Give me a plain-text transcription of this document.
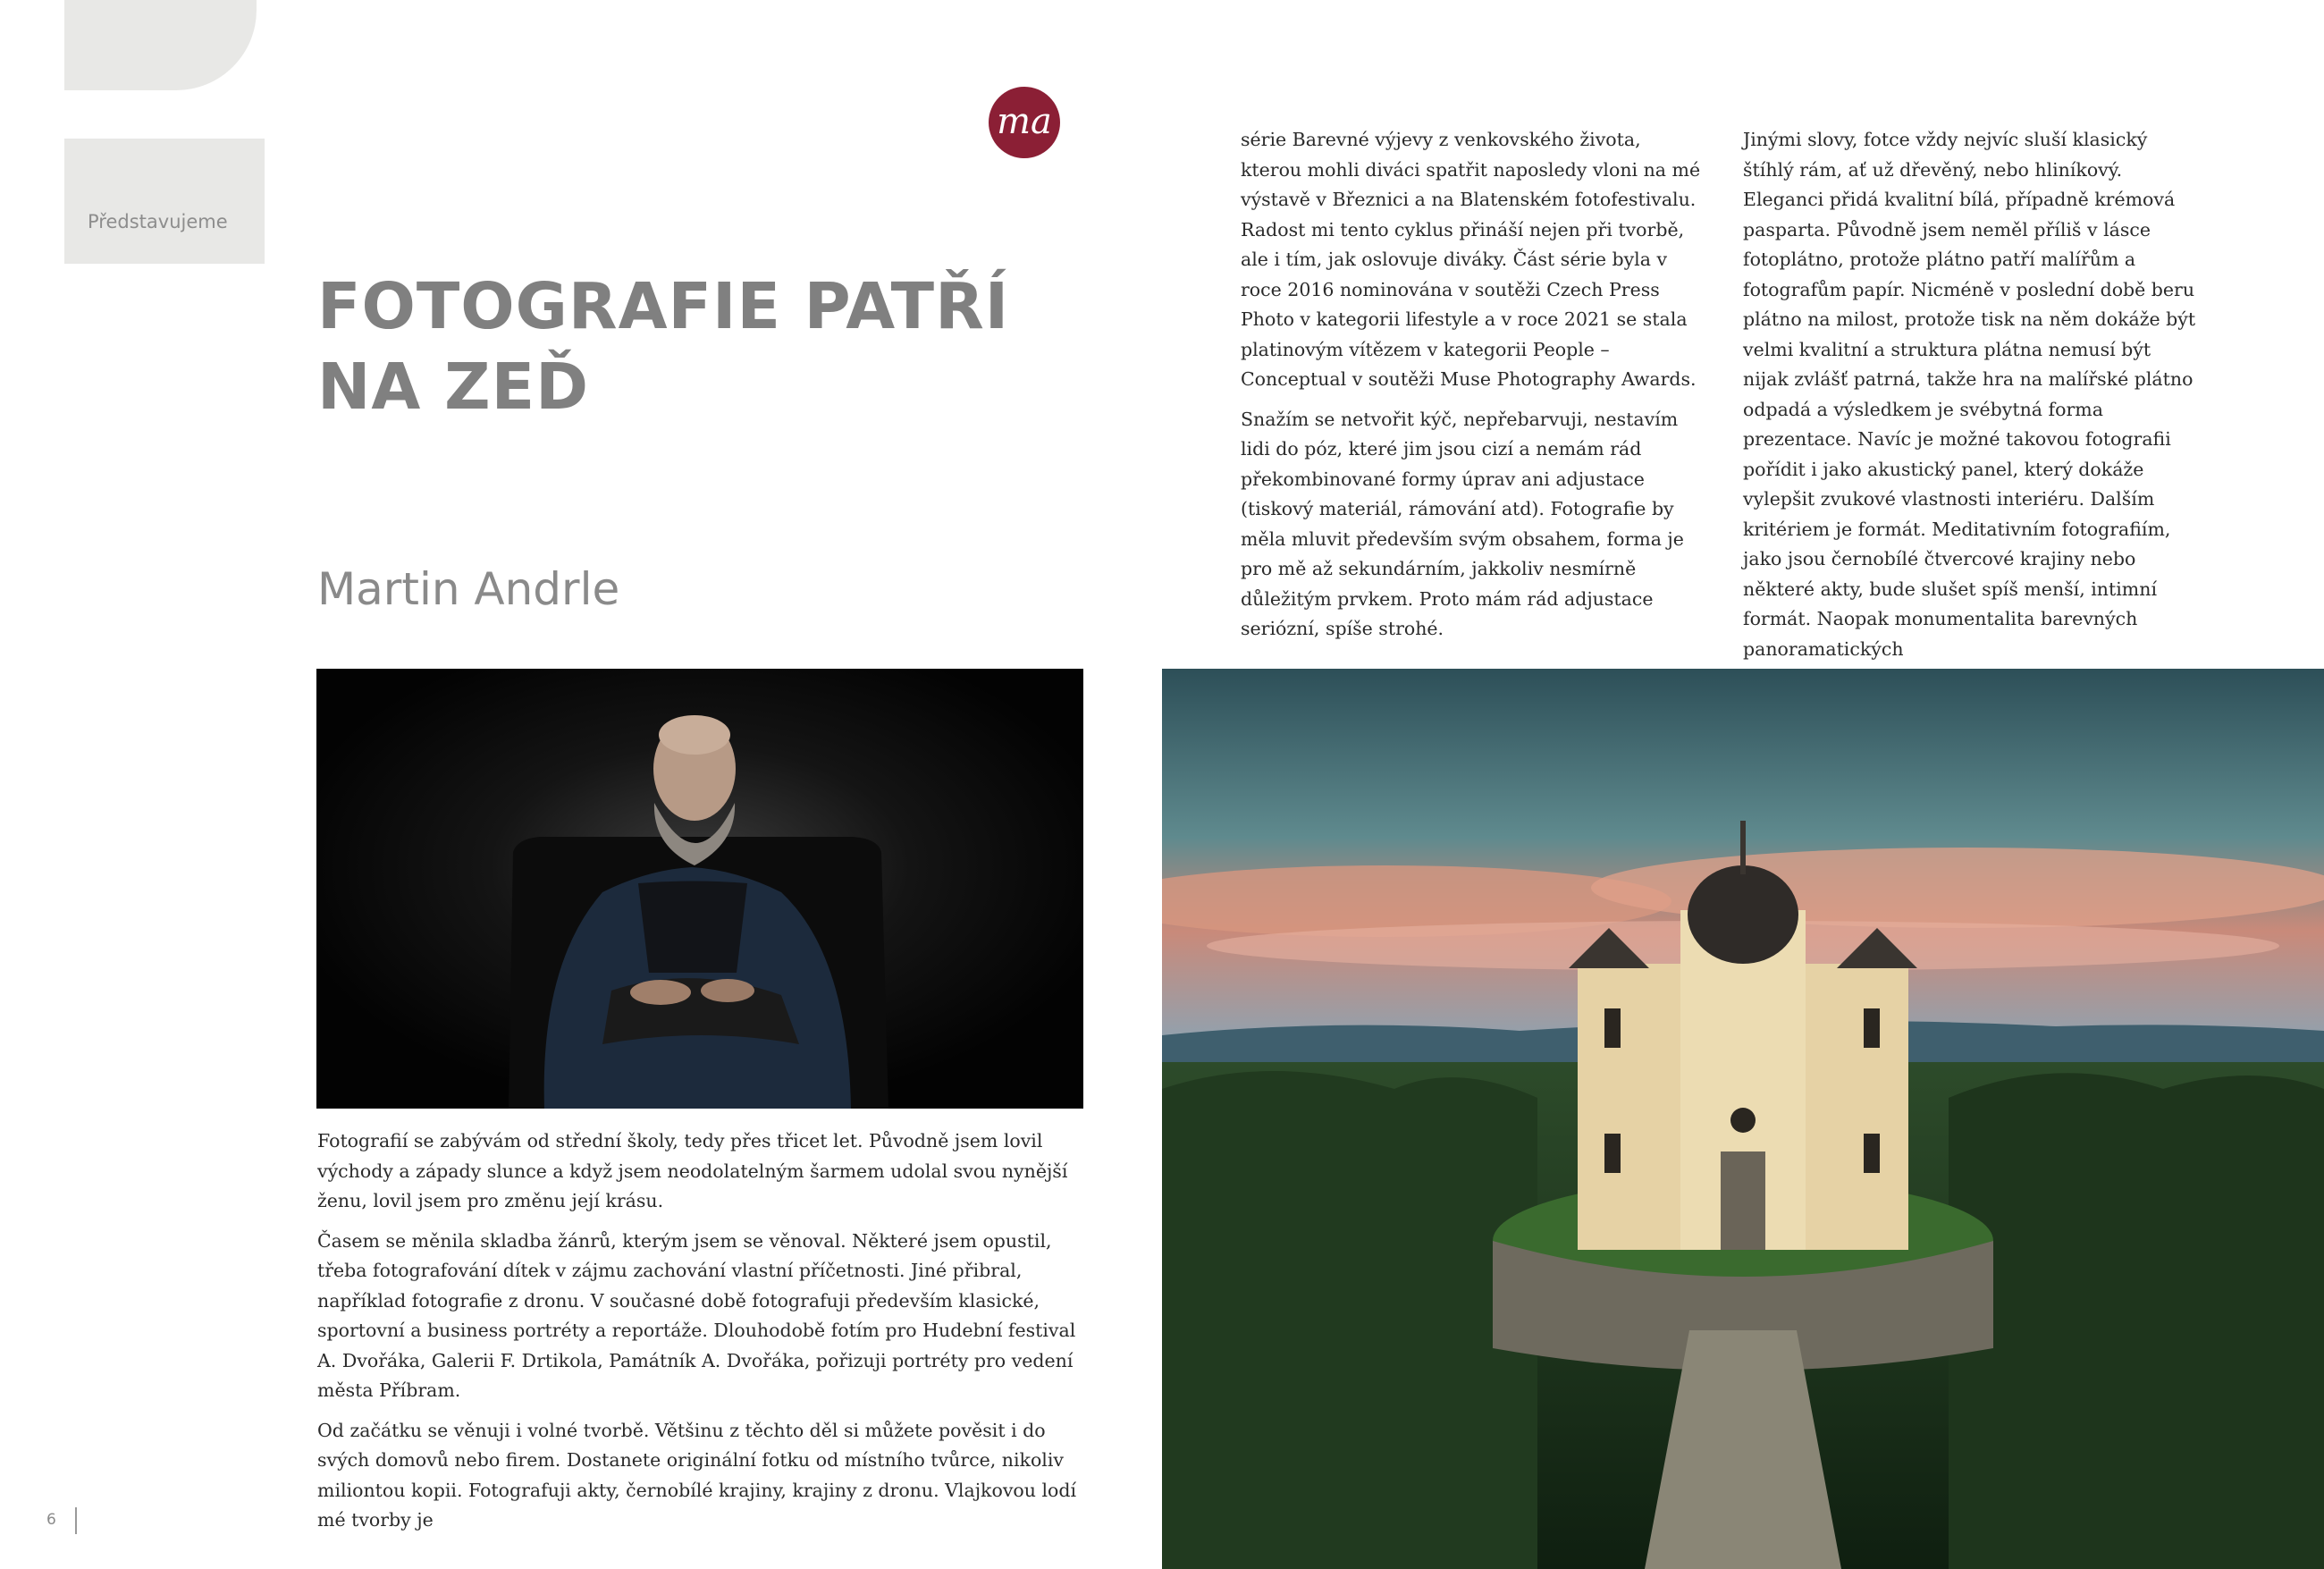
Představujeme
ma
FOTOGRAFIE PATŘÍ
NA ZEĎ
Martin Andrle

série Barevné výjevy z venkovského života, kterou mohli diváci spatřit naposledy vloni na mé výstavě v Březnici a na Blatenském fotofestivalu. Radost mi tento cyklus přináší nejen při tvorbě, ale i tím, jak oslovuje diváky. Část série byla v roce 2016 nominována v soutěži Czech Press Photo v kategorii lifestyle a v roce 2021 se stala platinovým vítězem v kategorii People – Conceptual v soutěži Muse Photography Awards.

Snažím se netvořit kýč, nepřebarvuji, nestavím lidi do póz, které jim jsou cizí a nemám rád překombinované formy úprav ani adjustace (tiskový materiál, rámování atd). Fotografie by měla mluvit především svým obsahem, forma je pro mě až sekundárním, jakkoliv nesmírně důležitým prvkem. Proto mám rád adjustace seriózní, spíše strohé.

Jinými slovy, fotce vždy nejvíc sluší klasický štíhlý rám, ať už dřevěný, nebo hliníkový. Eleganci přidá kvalitní bílá, případně krémová pasparta. Původně jsem neměl příliš v lásce fotoplátno, protože plátno patří malířům a fotografům papír. Nicméně v poslední době beru plátno na milost, protože tisk na něm dokáže být velmi kvalitní a struktura plátna nemusí být nijak zvlášť patrná, takže hra na malířské plátno odpadá a výsledkem je svébytná forma prezentace. Navíc je možné takovou fotografii pořídit i jako akustický panel, který dokáže vylepšit zvukové vlastnosti interiéru. Dalším kritériem je formát. Meditativním fotografiím, jako jsou černobílé čtvercové krajiny nebo některé akty, bude slušet spíš menší, intimní formát. Naopak monumentalita barevných panoramatických

Fotografií se zabývám od střední školy, tedy přes třicet let. Původně jsem lovil východy a západy slunce a když jsem neodolatelným šarmem udolal svou nynější ženu, lovil jsem pro změnu její krásu.

Časem se měnila skladba žánrů, kterým jsem se věnoval. Některé jsem opustil, třeba fotografování dítek v zájmu zachování vlastní příčetnosti. Jiné přibral, například fotografie z dronu. V současné době fotografuji především klasické, sportovní a business portréty a reportáže. Dlouhodobě fotím pro Hudební festival A. Dvořáka, Galerii F. Drtikola, Památník A. Dvořáka, pořizuji portréty pro vedení města Příbram.

Od začátku se věnuji i volné tvorbě. Většinu z těchto děl si můžete pověsit i do svých domovů nebo firem. Dostanete originální fotku od místního tvůrce, nikoliv miliontou kopii. Fotografuji akty, černobílé krajiny, krajiny z dronu. Vlajkovou lodí mé tvorby je

6
